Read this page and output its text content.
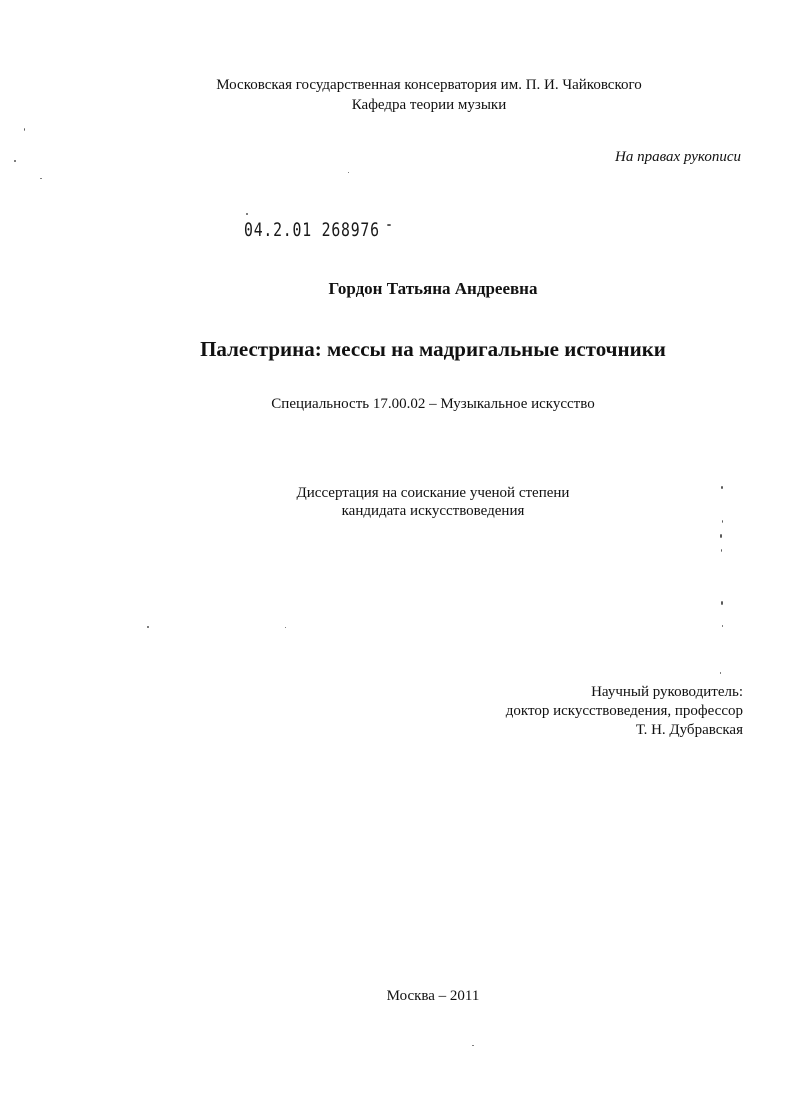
Московская государственная консерватория им. П. И. Чайковского
Кафедра теории музыки
На правах рукописи
04.2.01 268976
Гордон Татьяна Андреевна
Палестрина: мессы на мадригальные источники
Специальность 17.00.02 – Музыкальное искусство
Диссертация на соискание ученой степени
кандидата искусствоведения
Научный руководитель:
доктор искусствоведения, профессор
Т. Н. Дубравская
Москва – 2011
